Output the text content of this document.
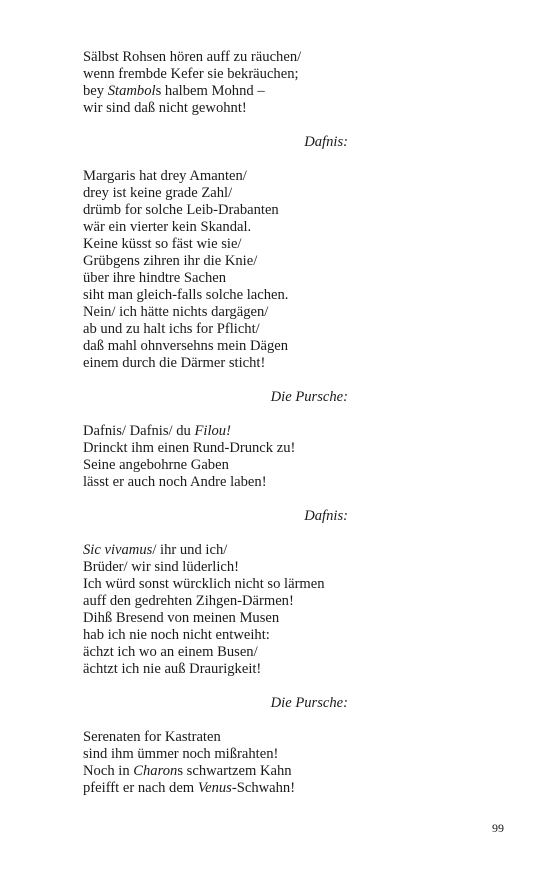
Sälbst Rohsen hören auff zu räuchen/
wenn frembde Kefer sie bekräuchen;
bey Stambols halbem Mohnd –
wir sind daß nicht gewohnt!
Dafnis:
Margaris hat drey Amanten/
drey ist keine grade Zahl/
drümb for solche Leib-Drabanten
wär ein vierter kein Skandal.
Keine küsst so fäst wie sie/
Grübgens zihren ihr die Knie/
über ihre hindtre Sachen
siht man gleich-falls solche lachen.
Nein/ ich hätte nichts dargägen/
ab und zu halt ichs for Pflicht/
daß mahl ohnversehns mein Dägen
einem durch die Därmer sticht!
Die Pursche:
Dafnis/ Dafnis/ du Filou!
Drinckt ihm einen Rund-Drunck zu!
Seine angebohrne Gaben
lässt er auch noch Andre laben!
Dafnis:
Sic vivamus/ ihr und ich/
Brüder/ wir sind lüderlich!
Ich würd sonst würcklich nicht so lärmen
auff den gedrehten Zihgen-Därmen!
Dihß Bresend von meinen Musen
hab ich nie noch nicht entweiht:
ächzt ich wo an einem Busen/
ächtzt ich nie auß Draurigkeit!
Die Pursche:
Serenaten for Kastraten
sind ihm ümmer noch mißrahten!
Noch in Charons schwartzem Kahn
pfeifft er nach dem Venus-Schwahn!
99
